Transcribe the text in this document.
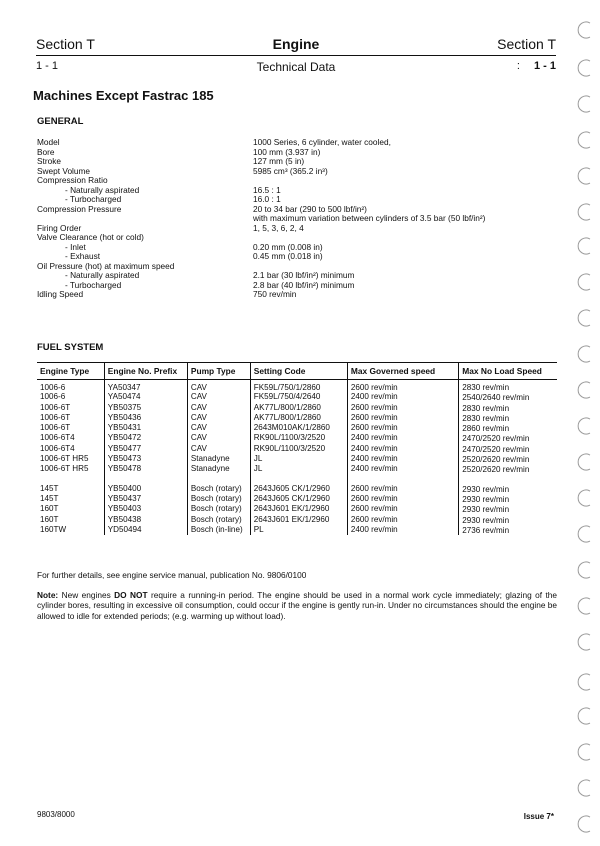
Section T	Engine	Section T
1 - 1	Technical Data	: 1 - 1
Machines Except Fastrac 185
GENERAL
Model	1000 Series, 6 cylinder, water cooled,
Bore	100 mm (3.937 in)
Stroke	127 mm (5 in)
Swept Volume	5985 cm³ (365.2 in³)
Compression Ratio
- Naturally aspirated	16.5 : 1
- Turbocharged	16.0 : 1
Compression Pressure	20 to 34 bar (290 to 500 lbf/in²)
with maximum variation between cylinders of 3.5 bar (50 lbf/in²)
Firing Order	1, 5, 3, 6, 2, 4
Valve Clearance (hot or cold)
- Inlet	0.20 mm (0.008 in)
- Exhaust	0.45 mm (0.018 in)
Oil Pressure (hot) at maximum speed
- Naturally aspirated	2.1 bar (30 lbf/in²) minimum
- Turbocharged	2.8 bar (40 lbf/in²) minimum
Idling Speed	750 rev/min
FUEL SYSTEM
Engine Type	Engine No. Prefix	Pump Type	Setting Code	Max Governed speed	Max No Load Speed
1006-6	YA50347	CAV	FK59L/750/1/2860	2600 rev/min	2830 rev/min
1006-6	YA50474	CAV	FK59L/750/4/2640	2400 rev/min	2540/2640 rev/min
1006-6T	YB50375	CAV	AK77L/800/1/2860	2600 rev/min	2830 rev/min
1006-6T	YB50436	CAV	AK77L/800/1/2860	2600 rev/min	2830 rev/min
1006-6T	YB50431	CAV	2643M010AK/1/2860	2600 rev/min	2860 rev/min
1006-6T4	YB50472	CAV	RK90L/1100/3/2520	2400 rev/min	2470/2520 rev/min
1006-6T4	YB50477	CAV	RK90L/1100/3/2520	2400 rev/min	2470/2520 rev/min
1006-6T HR5	YB50473	Stanadyne	JL	2400 rev/min	2520/2620 rev/min
1006-6T HR5	YB50478	Stanadyne	JL	2400 rev/min	2520/2620 rev/min

145T	YB50400	Bosch (rotary)	2643J605 CK/1/2960	2600 rev/min	2930 rev/min
145T	YB50437	Bosch (rotary)	2643J605 CK/1/2960	2600 rev/min	2930 rev/min
160T	YB50403	Bosch (rotary)	2643J601 EK/1/2960	2600 rev/min	2930 rev/min
160T	YB50438	Bosch (rotary)	2643J601 EK/1/2960	2600 rev/min	2930 rev/min
160TW	YD50494	Bosch (in-line)	PL	2400 rev/min	2736 rev/min
For further details, see engine service manual, publication No. 9806/0100
Note: New engines DO NOT require a running-in period. The engine should be used in a normal work cycle immediately; glazing of the cylinder bores, resulting in excessive oil consumption, could occur if the engine is gently run-in. Under no circumstances should the engine be allowed to idle for extended periods; (e.g. warming up without load).
9803/8000	Issue 7*
